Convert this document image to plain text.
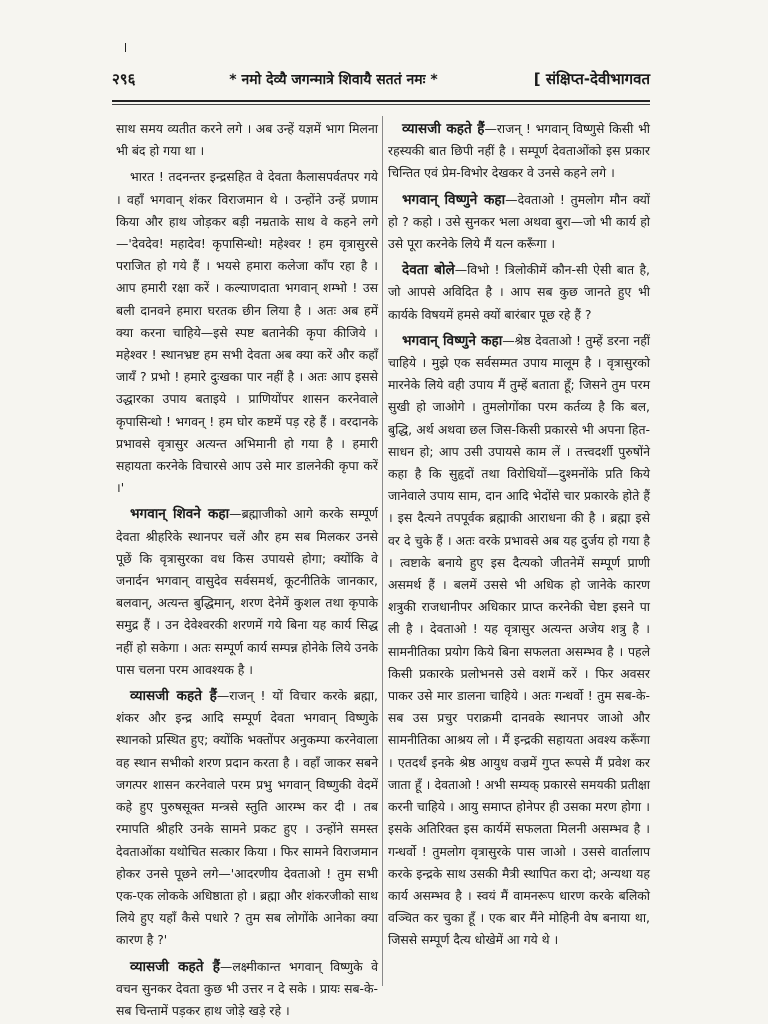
ǀ
२९६	* नमो देव्यै जगन्मात्रे शिवायै सततं नमः *	[ संक्षिप्त-देवीभागवत

साथ समय व्यतीत करने लगे । अब उन्हें यज्ञमें भाग मिलना भी बंद हो गया था ।

भारत ! तदनन्तर इन्द्रसहित वे देवता कैलासपर्वतपर गये । वहाँ भगवान् शंकर विराजमान थे । उन्होंने उन्हें प्रणाम किया और हाथ जोड़कर बड़ी नम्रताके साथ वे कहने लगे—'देवदेव! महादेव! कृपासिन्धो! महेश्वर ! हम वृत्रासुरसे पराजित हो गये हैं । भयसे हमारा कलेजा काँप रहा है । आप हमारी रक्षा करें । कल्याणदाता भगवान् शम्भो ! उस बली दानवने हमारा घरतक छीन लिया है । अतः अब हमें क्या करना चाहिये—इसे स्पष्ट बतानेकी कृपा कीजिये । महेश्वर ! स्थानभ्रष्ट हम सभी देवता अब क्या करें और कहाँ जायँ ? प्रभो ! हमारे दुःखका पार नहीं है । अतः आप इससे उद्धारका उपाय बताइये । प्राणियोंपर शासन करनेवाले कृपासिन्धो ! भगवन् ! हम घोर कष्टमें पड़ रहे हैं । वरदानके प्रभावसे वृत्रासुर अत्यन्त अभिमानी हो गया है । हमारी सहायता करनेके विचारसे आप उसे मार डालनेकी कृपा करें ।'

भगवान् शिवने कहा—ब्रह्माजीको आगे करके सम्पूर्ण देवता श्रीहरिके स्थानपर चलें और हम सब मिलकर उनसे पूछें कि वृत्रासुरका वध किस उपायसे होगा; क्योंकि वे जनार्दन भगवान् वासुदेव सर्वसमर्थ, कूटनीतिके जानकार, बलवान्, अत्यन्त बुद्धिमान्, शरण देनेमें कुशल तथा कृपाके समुद्र हैं । उन देवेश्वरकी शरणमें गये बिना यह कार्य सिद्ध नहीं हो सकेगा । अतः सम्पूर्ण कार्य सम्पन्न होनेके लिये उनके पास चलना परम आवश्यक है ।

व्यासजी कहते हैं—राजन् ! यों विचार करके ब्रह्मा, शंकर और इन्द्र आदि सम्पूर्ण देवता भगवान् विष्णुके स्थानको प्रस्थित हुए; क्योंकि भक्तोंपर अनुकम्पा करनेवाला वह स्थान सभीको शरण प्रदान करता है । वहाँ जाकर सबने जगत्पर शासन करनेवाले परम प्रभु भगवान् विष्णुकी वेदमें कहे हुए पुरुषसूक्त मन्त्रसे स्तुति आरम्भ कर दी । तब रमापति श्रीहरि उनके सामने प्रकट हुए । उन्होंने समस्त देवताओंका यथोचित सत्कार किया । फिर सामने विराजमान होकर उनसे पूछने लगे—'आदरणीय देवताओ ! तुम सभी एक-एक लोकके अधिष्ठाता हो । ब्रह्मा और शंकरजीको साथ लिये हुए यहाँ कैसे पधारे ? तुम सब लोगोंके आनेका क्या कारण है ?'

व्यासजी कहते हैं—लक्ष्मीकान्त भगवान् विष्णुके वे वचन सुनकर देवता कुछ भी उत्तर न दे सके । प्रायः सब-के-सब चिन्तामें पड़कर हाथ जोड़े खड़े रहे ।

व्यासजी कहते हैं—राजन् ! भगवान् विष्णुसे किसी भी रहस्यकी बात छिपी नहीं है । सम्पूर्ण देवताओंको इस प्रकार चिन्तित एवं प्रेम-विभोर देखकर वे उनसे कहने लगे ।

भगवान् विष्णुने कहा—देवताओ ! तुमलोग मौन क्यों हो ? कहो । उसे सुनकर भला अथवा बुरा—जो भी कार्य हो उसे पूरा करनेके लिये मैं यत्न करूँगा ।

देवता बोले—विभो ! त्रिलोकीमें कौन-सी ऐसी बात है, जो आपसे अविदित है । आप सब कुछ जानते हुए भी कार्यके विषयमें हमसे क्यों बारंबार पूछ रहे हैं ?

भगवान् विष्णुने कहा—श्रेष्ठ देवताओ ! तुम्हें डरना नहीं चाहिये । मुझे एक सर्वसम्मत उपाय मालूम है । वृत्रासुरको मारनेके लिये वही उपाय मैं तुम्हें बताता हूँ; जिसने तुम परम सुखी हो जाओगे । तुमलोगोंका परम कर्तव्य है कि बल, बुद्धि, अर्थ अथवा छल जिस-किसी प्रकारसे भी अपना हित-साधन हो; आप उसी उपायसे काम लें । तत्त्वदर्शी पुरुषोंने कहा है कि सुहृदों तथा विरोधियों—दुश्मनोंके प्रति किये जानेवाले उपाय साम, दान आदि भेदोंसे चार प्रकारके होते हैं । इस दैत्यने तपपूर्वक ब्रह्माकी आराधना की है । ब्रह्मा इसे वर दे चुके हैं । अतः वरके प्रभावसे अब यह दुर्जय हो गया है । त्वष्टाके बनाये हुए इस दैत्यको जीतनेमें सम्पूर्ण प्राणी असमर्थ हैं । बलमें उससे भी अधिक हो जानेके कारण शत्रुकी राजधानीपर अधिकार प्राप्त करनेकी चेष्टा इसने पा ली है । देवताओ ! यह वृत्रासुर अत्यन्त अजेय शत्रु है । सामनीतिका प्रयोग किये बिना सफलता असम्भव है । पहले किसी प्रकारके प्रलोभनसे उसे वशमें करें । फिर अवसर पाकर उसे मार डालना चाहिये । अतः गन्धर्वो ! तुम सब-के-सब उस प्रचुर पराक्रमी दानवके स्थानपर जाओ और सामनीतिका आश्रय लो । मैं इन्द्रकी सहायता अवश्य करूँगा । एतदर्थं इनके श्रेष्ठ आयुध वज्रमें गुप्त रूपसे मैं प्रवेश कर जाता हूँ । देवताओ ! अभी सम्यक् प्रकारसे समयकी प्रतीक्षा करनी चाहिये । आयु समाप्त होनेपर ही उसका मरण होगा । इसके अतिरिक्त इस कार्यमें सफलता मिलनी असम्भव है । गन्धर्वो ! तुमलोग वृत्रासुरके पास जाओ । उससे वार्तालाप करके इन्द्रके साथ उसकी मैत्री स्थापित करा दो; अन्यथा यह कार्य असम्भव है । स्वयं मैं वामनरूप धारण करके बलिको वञ्चित कर चुका हूँ । एक बार मैंने मोहिनी वेष बनाया था, जिससे सम्पूर्ण दैत्य धोखेमें आ गये थे ।
